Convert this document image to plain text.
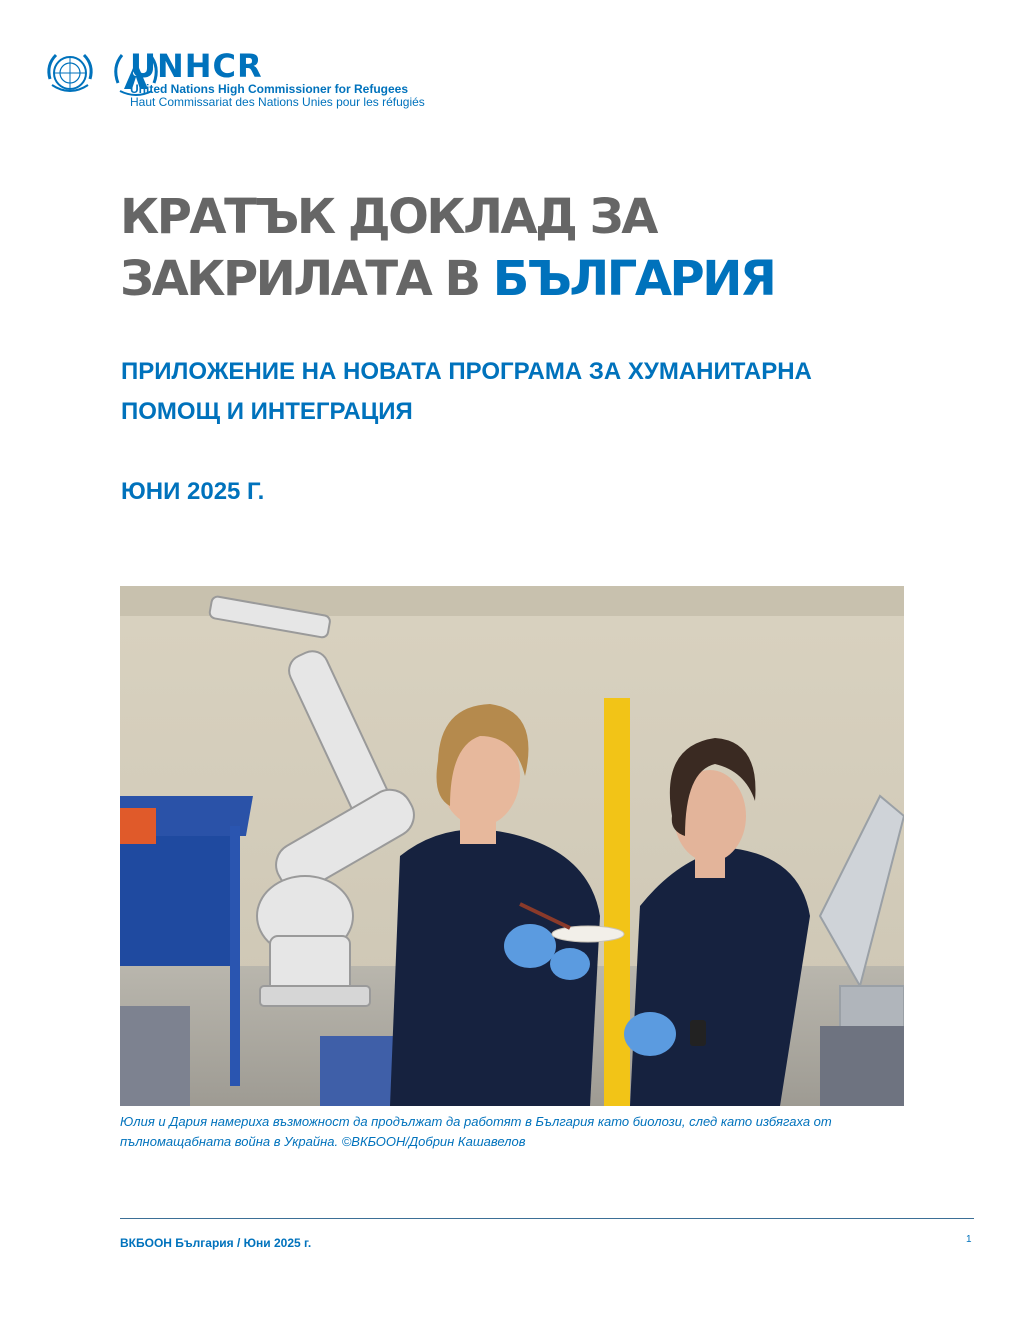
UNHCR
United Nations High Commissioner for Refugees
Haut Commissariat des Nations Unies pour les réfugiés
КРАТЪК ДОКЛАД ЗА
ЗАКРИЛАТА В БЪЛГАРИЯ
ПРИЛОЖЕНИЕ НА НОВАТА ПРОГРАМА ЗА ХУМАНИТАРНА
ПОМОЩ И ИНТЕГРАЦИЯ

ЮНИ 2025 Г.

Юлия и Дария намериха възможност да продължат да работят в България като биолози, след като избягаха от
пълномащабната война в Украйна. ©ВКБООН/Добрин Кашавелов

ВКБООН България / Юни 2025 г.	1
